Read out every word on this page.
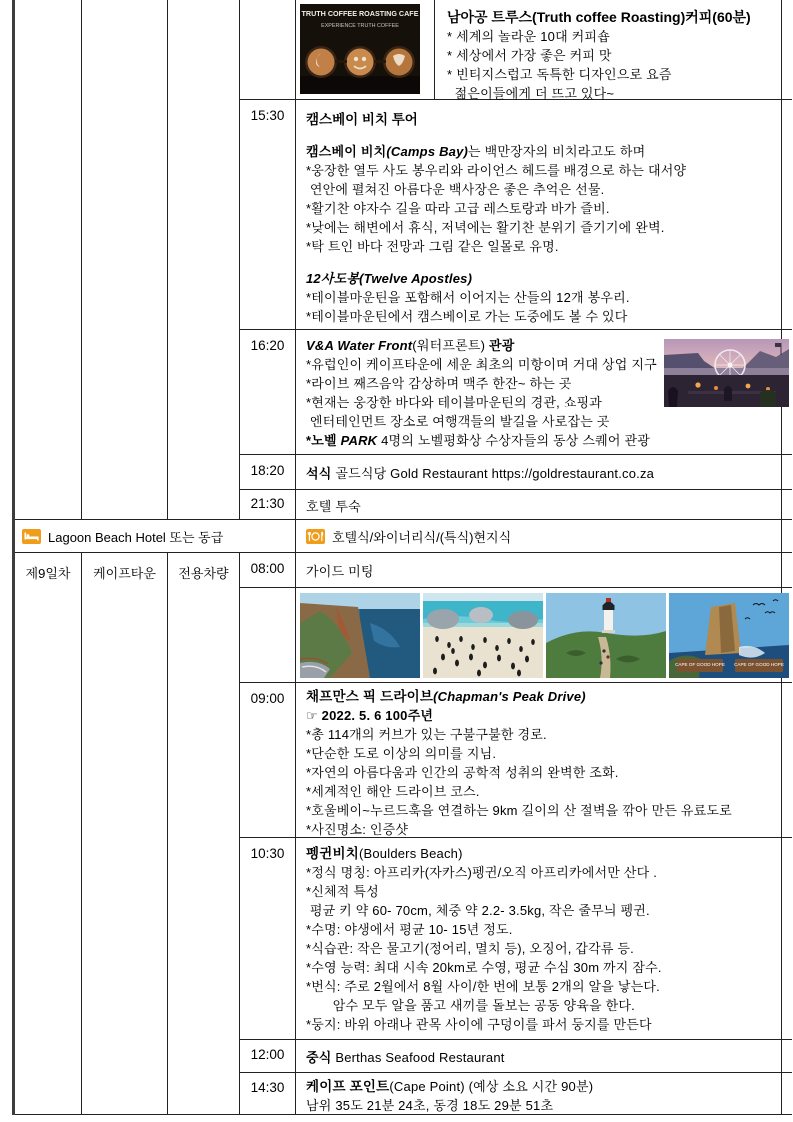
TRUTH COFFEE ROASTING CAFE
EXPERIENCE TRUTH COFFEE
남아공 트루스(Truth coffee Roasting)커피(60분)
* 세계의 놀라운 10대 커피숍
* 세상에서 가장 좋은 커피 맛
* 빈티지스럽고 독특한 디자인으로 요즘
젊은이들에게 더 뜨고 있다~
15:30	캠스베이 비치 투어
캠스베이 비치(Camps Bay)는 백만장자의 비치라고도 하며
*웅장한 열두 사도 봉우리와 라이언스 헤드를 배경으로 하는 대서양
연안에 펼쳐진 아름다운 백사장은 좋은 추억은 선물.
*활기찬 야자수 길을 따라 고급 레스토랑과 바가 즐비.
*낮에는 해변에서 휴식, 저녁에는 활기찬 분위기 즐기기에 완벽.
*탁 트인 바다 전망과 그림 같은 일몰로 유명.
12사도봉(Twelve Apostles)
*테이블마운틴을 포함해서 이어지는 산들의 12개 봉우리.
*테이블마운틴에서 캠스베이로 가는 도중에도 볼 수 있다
16:20	V&A Water Front(워터프론트) 관광
*유럽인이 케이프타운에 세운 최초의 미항이며 거대 상업 지구
*라이브 째즈음악 감상하며 맥주 한잔~ 하는 곳
*현재는 웅장한 바다와 테이블마운틴의 경관, 쇼핑과
엔터테인먼트 장소로 여행객들의 발길을 사로잡는 곳
*노벨 PARK 4명의 노벨평화상 수상자들의 동상 스퀘어 관광
18:20	석식 골드식당 Gold Restaurant https://goldrestaurant.co.za
21:30	호텔 투숙
Lagoon Beach Hotel 또는 동급	호텔식/와이너리식/(특식)현지식
제9일차 케이프타운 전용차량	08:00	가이드 미팅
CAPE OF GOOD HOPE CAPE OF GOOD HOPE
09:00	채프만스 픽 드라이브(Chapman's Peak Drive)
☞ 2022. 5. 6 100주년
*총 114개의 커브가 있는 구불구불한 경로.
*단순한 도로 이상의 의미를 지님.
*자연의 아름다움과 인간의 공학적 성취의 완벽한 조화.
*세계적인 해안 드라이브 코스.
*호울베이~누르드훅을 연결하는 9km 길이의 산 절벽을 깎아 만든 유료도로
*사진명소: 인증샷
10:30	펭귄비치(Boulders Beach)
*정식 명칭: 아프리카(자카스)펭귄/오직 아프리카에서만 산다 .
*신체적 특성
평균 키 약 60- 70cm, 체중 약 2.2- 3.5kg, 작은 줄무늬 펭귄.
*수명: 야생에서 평균 10- 15년 정도.
*식습관: 작은 물고기(정어리, 멸치 등), 오징어, 갑각류 등.
*수영 능력: 최대 시속 20km로 수영, 평균 수심 30m 까지 잠수.
*번식: 주로 2월에서 8월 사이/한 번에 보통 2개의 알을 낳는다.
암수 모두 알을 품고 새끼를 돌보는 공동 양육을 한다.
*둥지: 바위 아래나 관목 사이에 구덩이를 파서 둥지를 만든다
12:00	중식 Berthas Seafood Restaurant
14:30	케이프 포인트(Cape Point) (예상 소요 시간 90분)
남위 35도 21분 24초, 동경 18도 29분 51초
